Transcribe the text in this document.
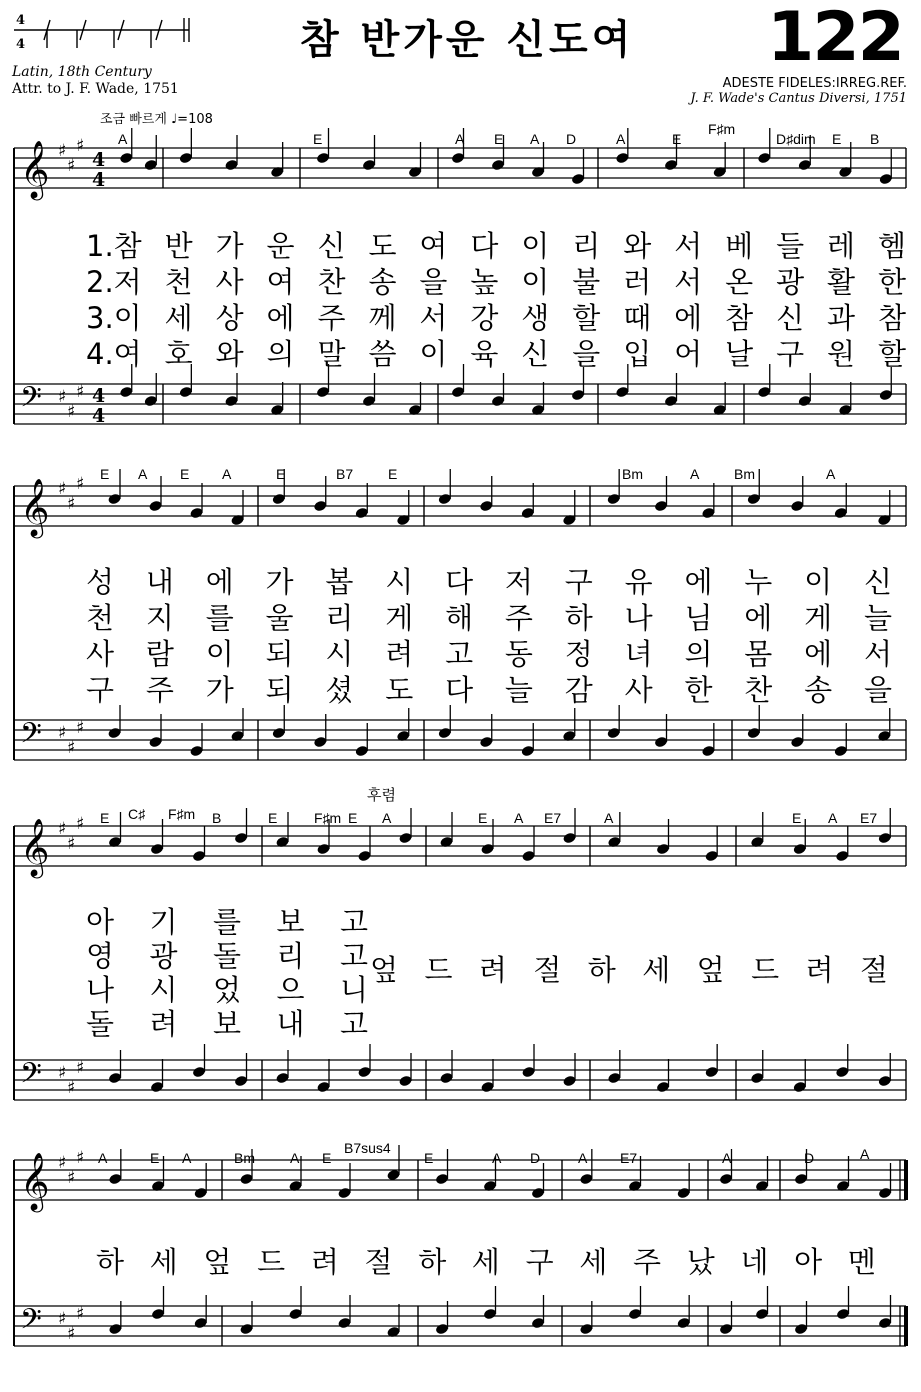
참 반가운 신도여 122
4
4
Latin, 18th Century
Attr. to J. F. Wade, 1751	ADESTE FIDELES:IRREG.REF.
J. F. Wade's Cantus Diversi, 1751
조금 빠르게 ♩=108
𝄞 ♯
♯
♯
4
4
𝄢 ♯
♯
♯ 4
4
𝄞 ♯
♯
♯
𝄢 ♯
♯
♯
𝄞 ♯
♯
♯
𝄢 ♯
♯
♯
𝄞 ♯
♯
♯
𝄢 ♯
♯
♯
A	E	A E A D	A	E
F♯m
D♯dim E B
1.참 반 가 운 신 도 여 다 이 리 와 서 베 들 레 헴
2.저 천 사 여 찬 송 을 높 이 불 러 서 온 광 활 한
3.이 세 상 에 주 께 서 강 생 할 때 에 참 신 과 참
4.여 호 와 의 말 씀 이 육 신 을 입 어 날 구 원 할
E A E A	E	B7 E	Bm	A Bm	A
성 내 에 가 봅 시 다 저 구 유 에 누 이 신
천 지 를 울 리 게 해 주 하 나 님 에 게 늘
사 람 이 되 시 려 고 동 정 녀 의 몸 에 서
구 주 가 되 셨 도 다 늘 감 사 한 찬 송 을
E C♯ F♯m B	E	F♯m E A	E A E7	A	E A E7
후렴
아 기 를 보 고
영 광 돌 리 고
나 시 었 으 니
돌 려 보 내 고
엎 드 려 절 하 세 엎 드 려 절
A	E A	Bm	A E
B7sus4
E	A D	A E7	A	D	A
하 세 엎 드 려 절 하 세 구 세 주 났 네 아 멘
